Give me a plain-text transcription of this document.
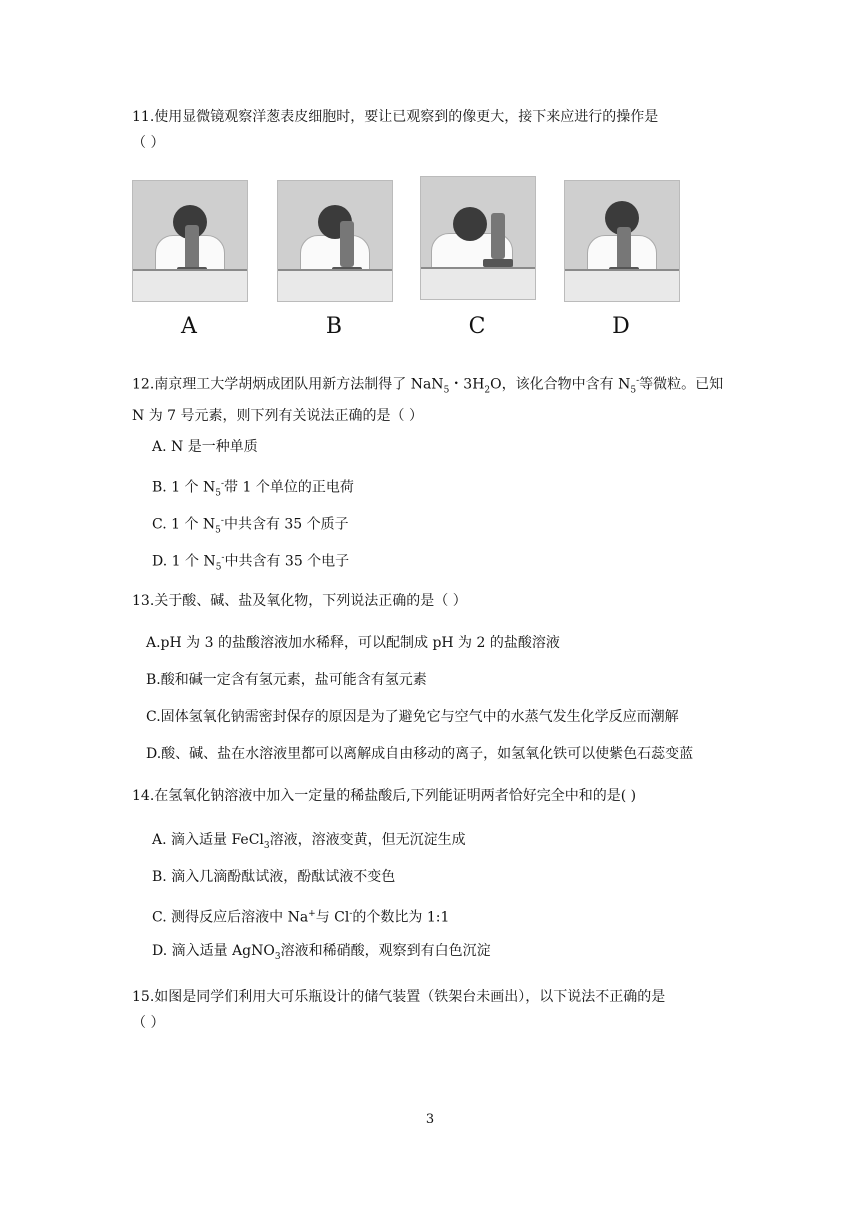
11.使用显微镜观察洋葱表皮细胞时，要让已观察到的像更大，接下来应进行的操作是
（ ）
A	B	C	D
12.南京理工大学胡炳成团队用新方法制得了 NaN$_5$・$3H_2O$，该化合物中含有 $N_5^-$等微粒。已知
N 为 7 号元素，则下列有关说法正确的是（ ）
A. N 是一种单质
B. 1 个 $N_5^-$带 1 个单位的正电荷
C. 1 个 $N_5^-$中共含有 35 个质子
D. 1 个 $N_5^-$中共含有 35 个电子
13.关于酸、碱、盐及氧化物，下列说法正确的是（ ）
A.pH 为 3 的盐酸溶液加水稀释，可以配制成 pH 为 2 的盐酸溶液
B.酸和碱一定含有氢元素，盐可能含有氢元素
C.固体氢氧化钠需密封保存的原因是为了避免它与空气中的水蒸气发生化学反应而潮解
D.酸、碱、盐在水溶液里都可以离解成自由移动的离子，如氢氧化铁可以使紫色石蕊变蓝
14.在氢氧化钠溶液中加入一定量的稀盐酸后,下列能证明两者恰好完全中和的是( )
A. 滴入适量 FeCl$_3$溶液，溶液变黄，但无沉淀生成
B. 滴入几滴酚酞试液，酚酞试液不变色
C. 测得反应后溶液中 Na+与 Cl-的个数比为 1:1
D. 滴入适量 AgNO$_3$溶液和稀硝酸，观察到有白色沉淀
15.如图是同学们利用大可乐瓶设计的储气装置（铁架台未画出），以下说法不正确的是
（ ）
3
